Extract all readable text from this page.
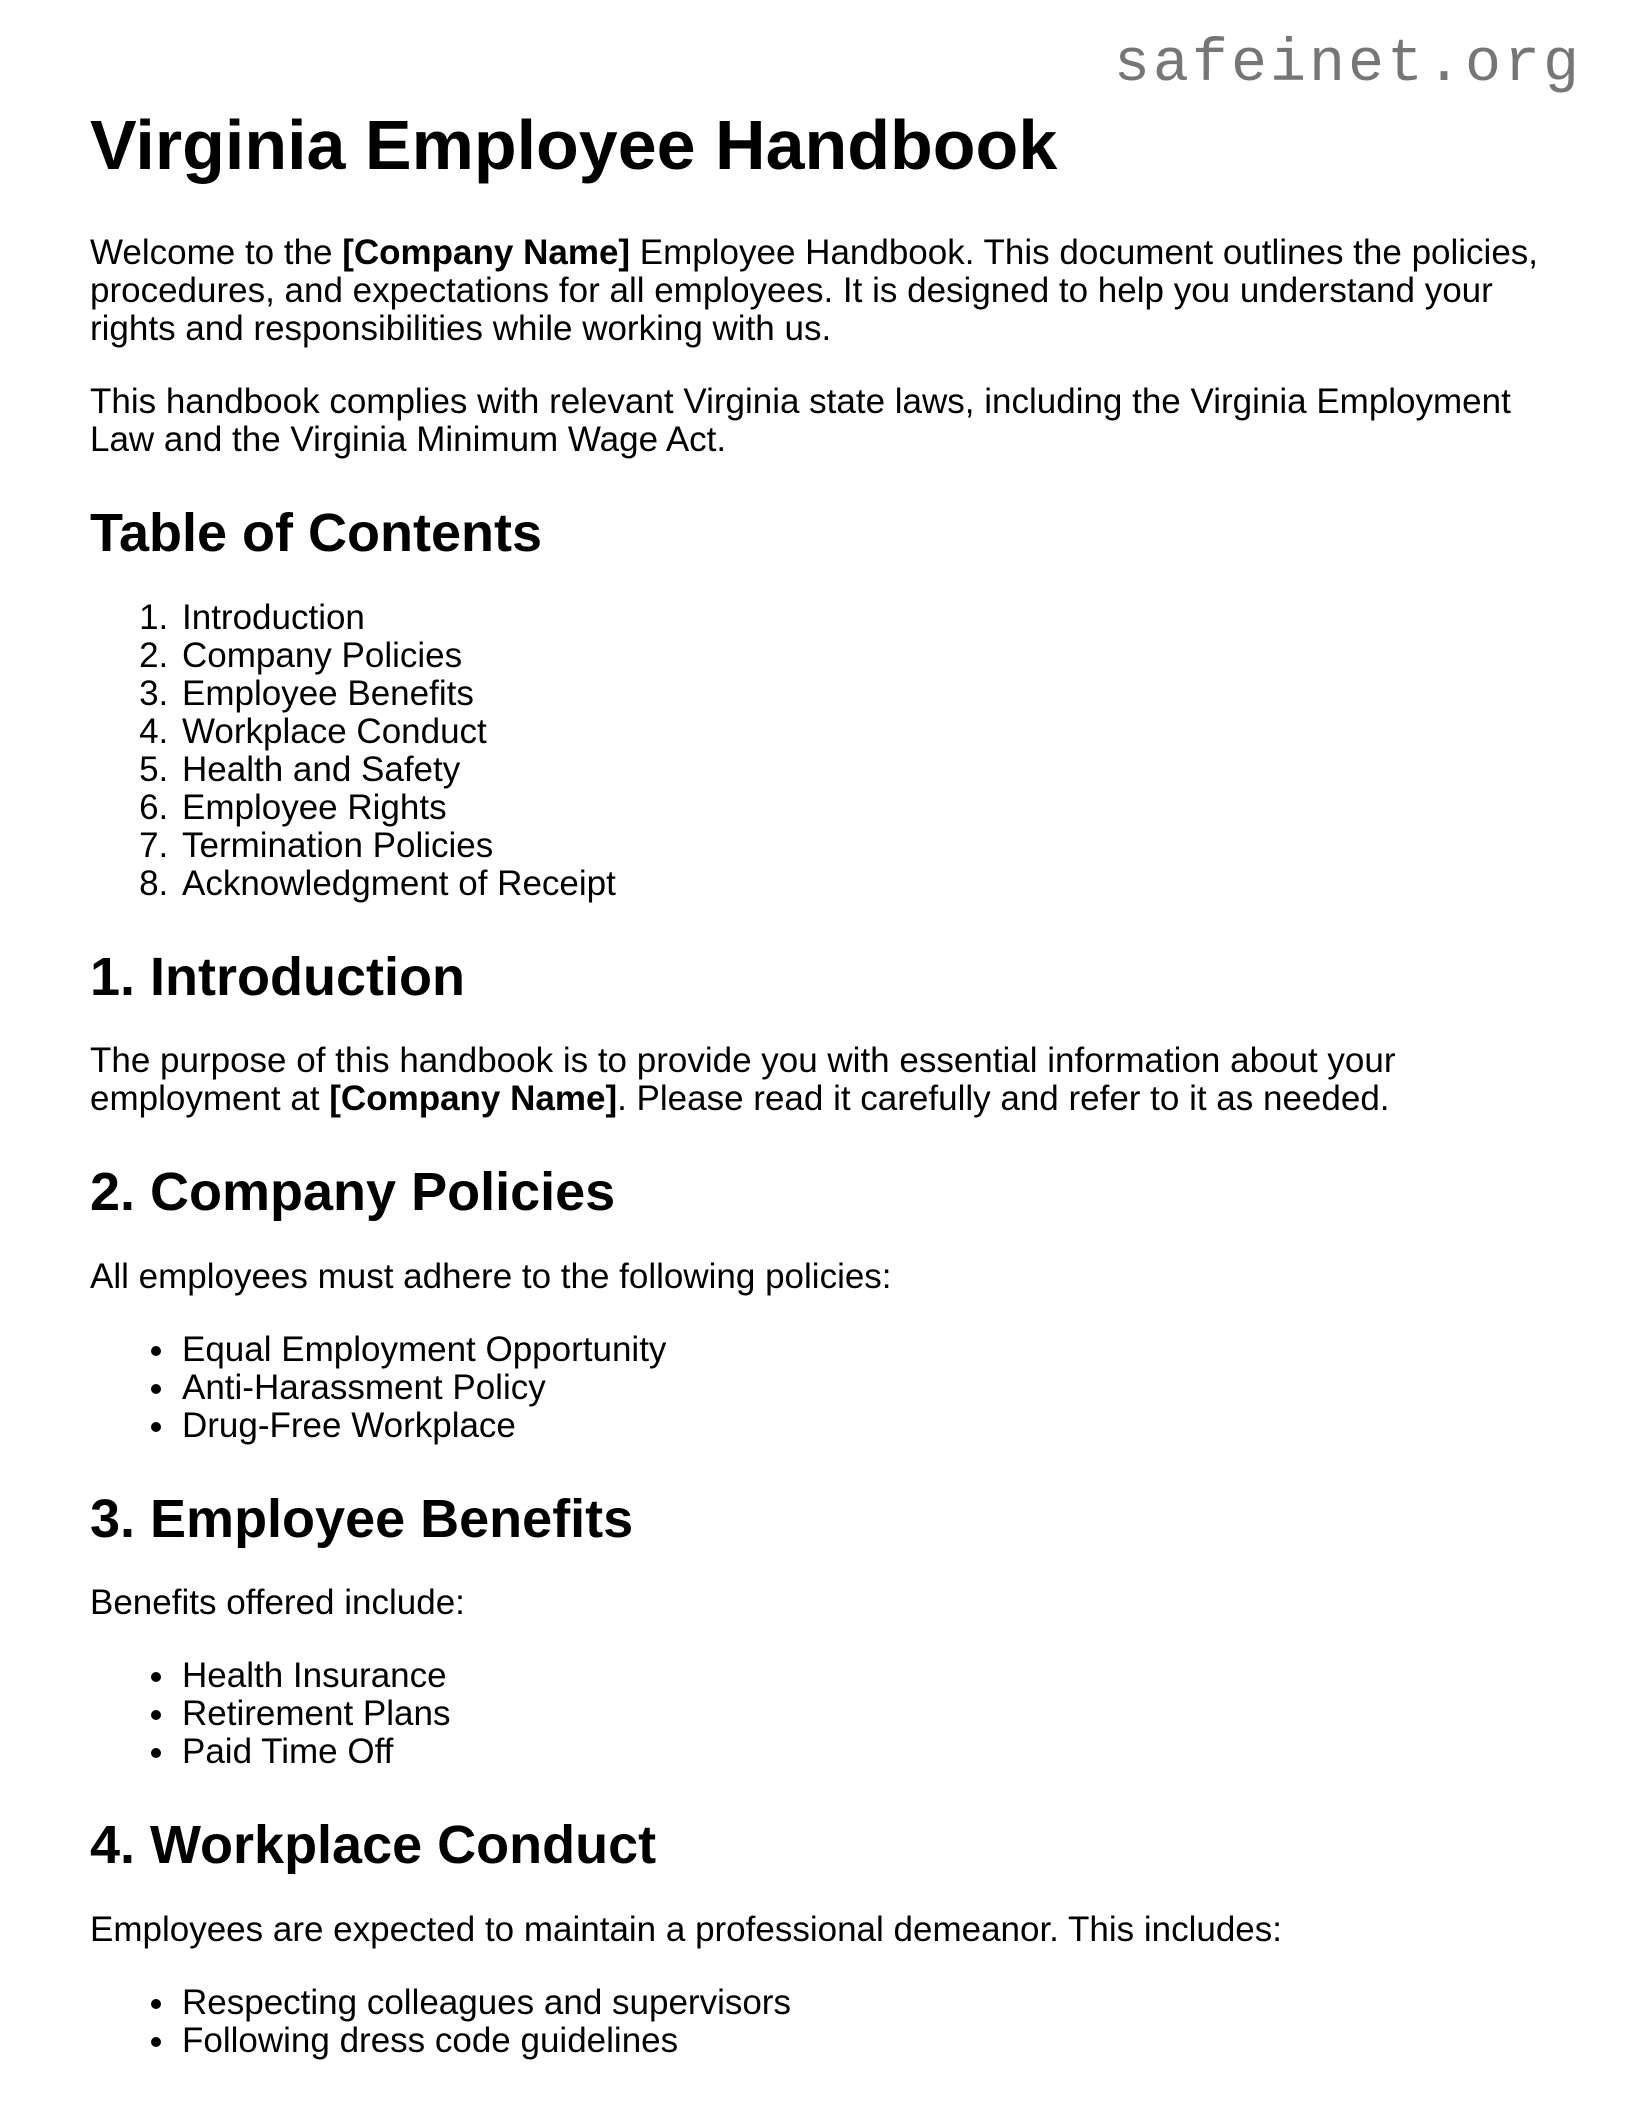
safeinet.org
Virginia Employee Handbook

Welcome to the [Company Name] Employee Handbook. This document outlines the policies, procedures, and expectations for all employees. It is designed to help you understand your rights and responsibilities while working with us.

This handbook complies with relevant Virginia state laws, including the Virginia Employment Law and the Virginia Minimum Wage Act.

Table of Contents
1. Introduction
2. Company Policies
3. Employee Benefits
4. Workplace Conduct
5. Health and Safety
6. Employee Rights
7. Termination Policies
8. Acknowledgment of Receipt
1. Introduction

The purpose of this handbook is to provide you with essential information about your employment at [Company Name]. Please read it carefully and refer to it as needed.

2. Company Policies

All employees must adhere to the following policies:

• Equal Employment Opportunity
• Anti-Harassment Policy
• Drug-Free Workplace
3. Employee Benefits

Benefits offered include:

• Health Insurance
• Retirement Plans
• Paid Time Off
4. Workplace Conduct

Employees are expected to maintain a professional demeanor. This includes:

• Respecting colleagues and supervisors
• Following dress code guidelines
